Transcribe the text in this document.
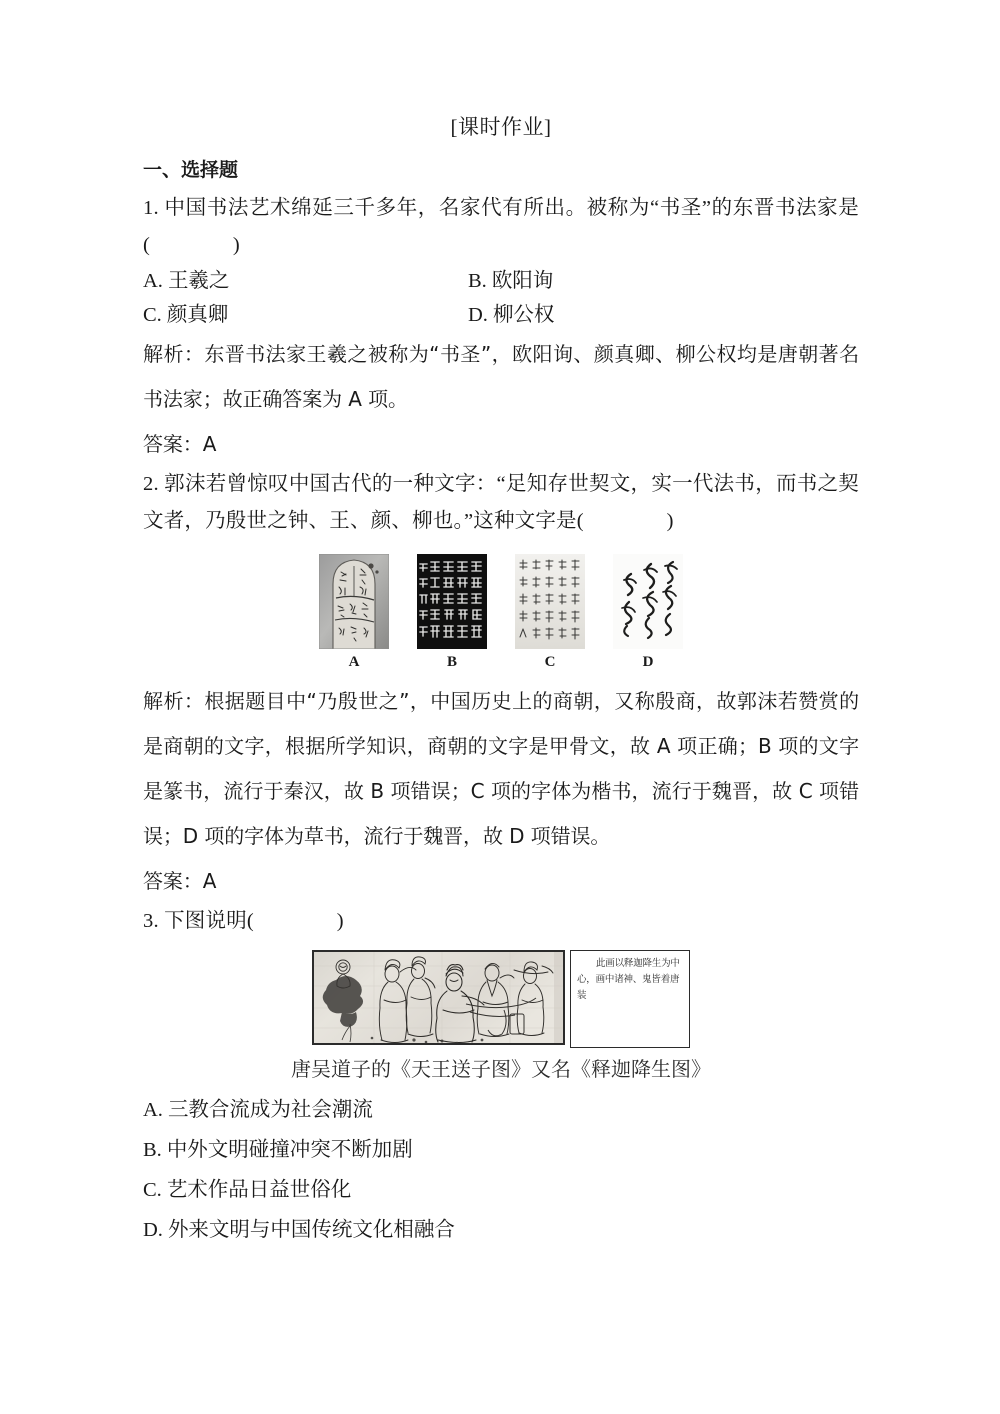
[课时作业]
一、选择题

1. 中国书法艺术绵延三千多年，名家代有所出。被称为“书圣”的东晋书法家是(　　　　)

A. 王羲之	B. 欧阳询
C. 颜真卿	D. 柳公权

解析：东晋书法家王羲之被称为“书圣”，欧阳询、颜真卿、柳公权均是唐朝著名书法家；故正确答案为 A 项。

答案：A

2. 郭沫若曾惊叹中国古代的一种文字：“足知存世契文，实一代法书，而书之契文者，乃殷世之钟、王、颜、柳也。”这种文字是(　　　　)

A	B	C	D

解析：根据题目中“乃殷世之”，中国历史上的商朝，又称殷商，故郭沫若赞赏的是商朝的文字，根据所学知识，商朝的文字是甲骨文，故 A 项正确；B 项的文字是篆书，流行于秦汉，故 B 项错误；C 项的字体为楷书，流行于魏晋，故 C 项错误；D 项的字体为草书，流行于魏晋，故 D 项错误。

答案：A

3. 下图说明(　　　　)

此画以释迦降生为中心，画中诸神、鬼皆着唐装

唐吴道子的《天王送子图》又名《释迦降生图》
A. 三教合流成为社会潮流
B. 中外文明碰撞冲突不断加剧
C. 艺术作品日益世俗化
D. 外来文明与中国传统文化相融合
